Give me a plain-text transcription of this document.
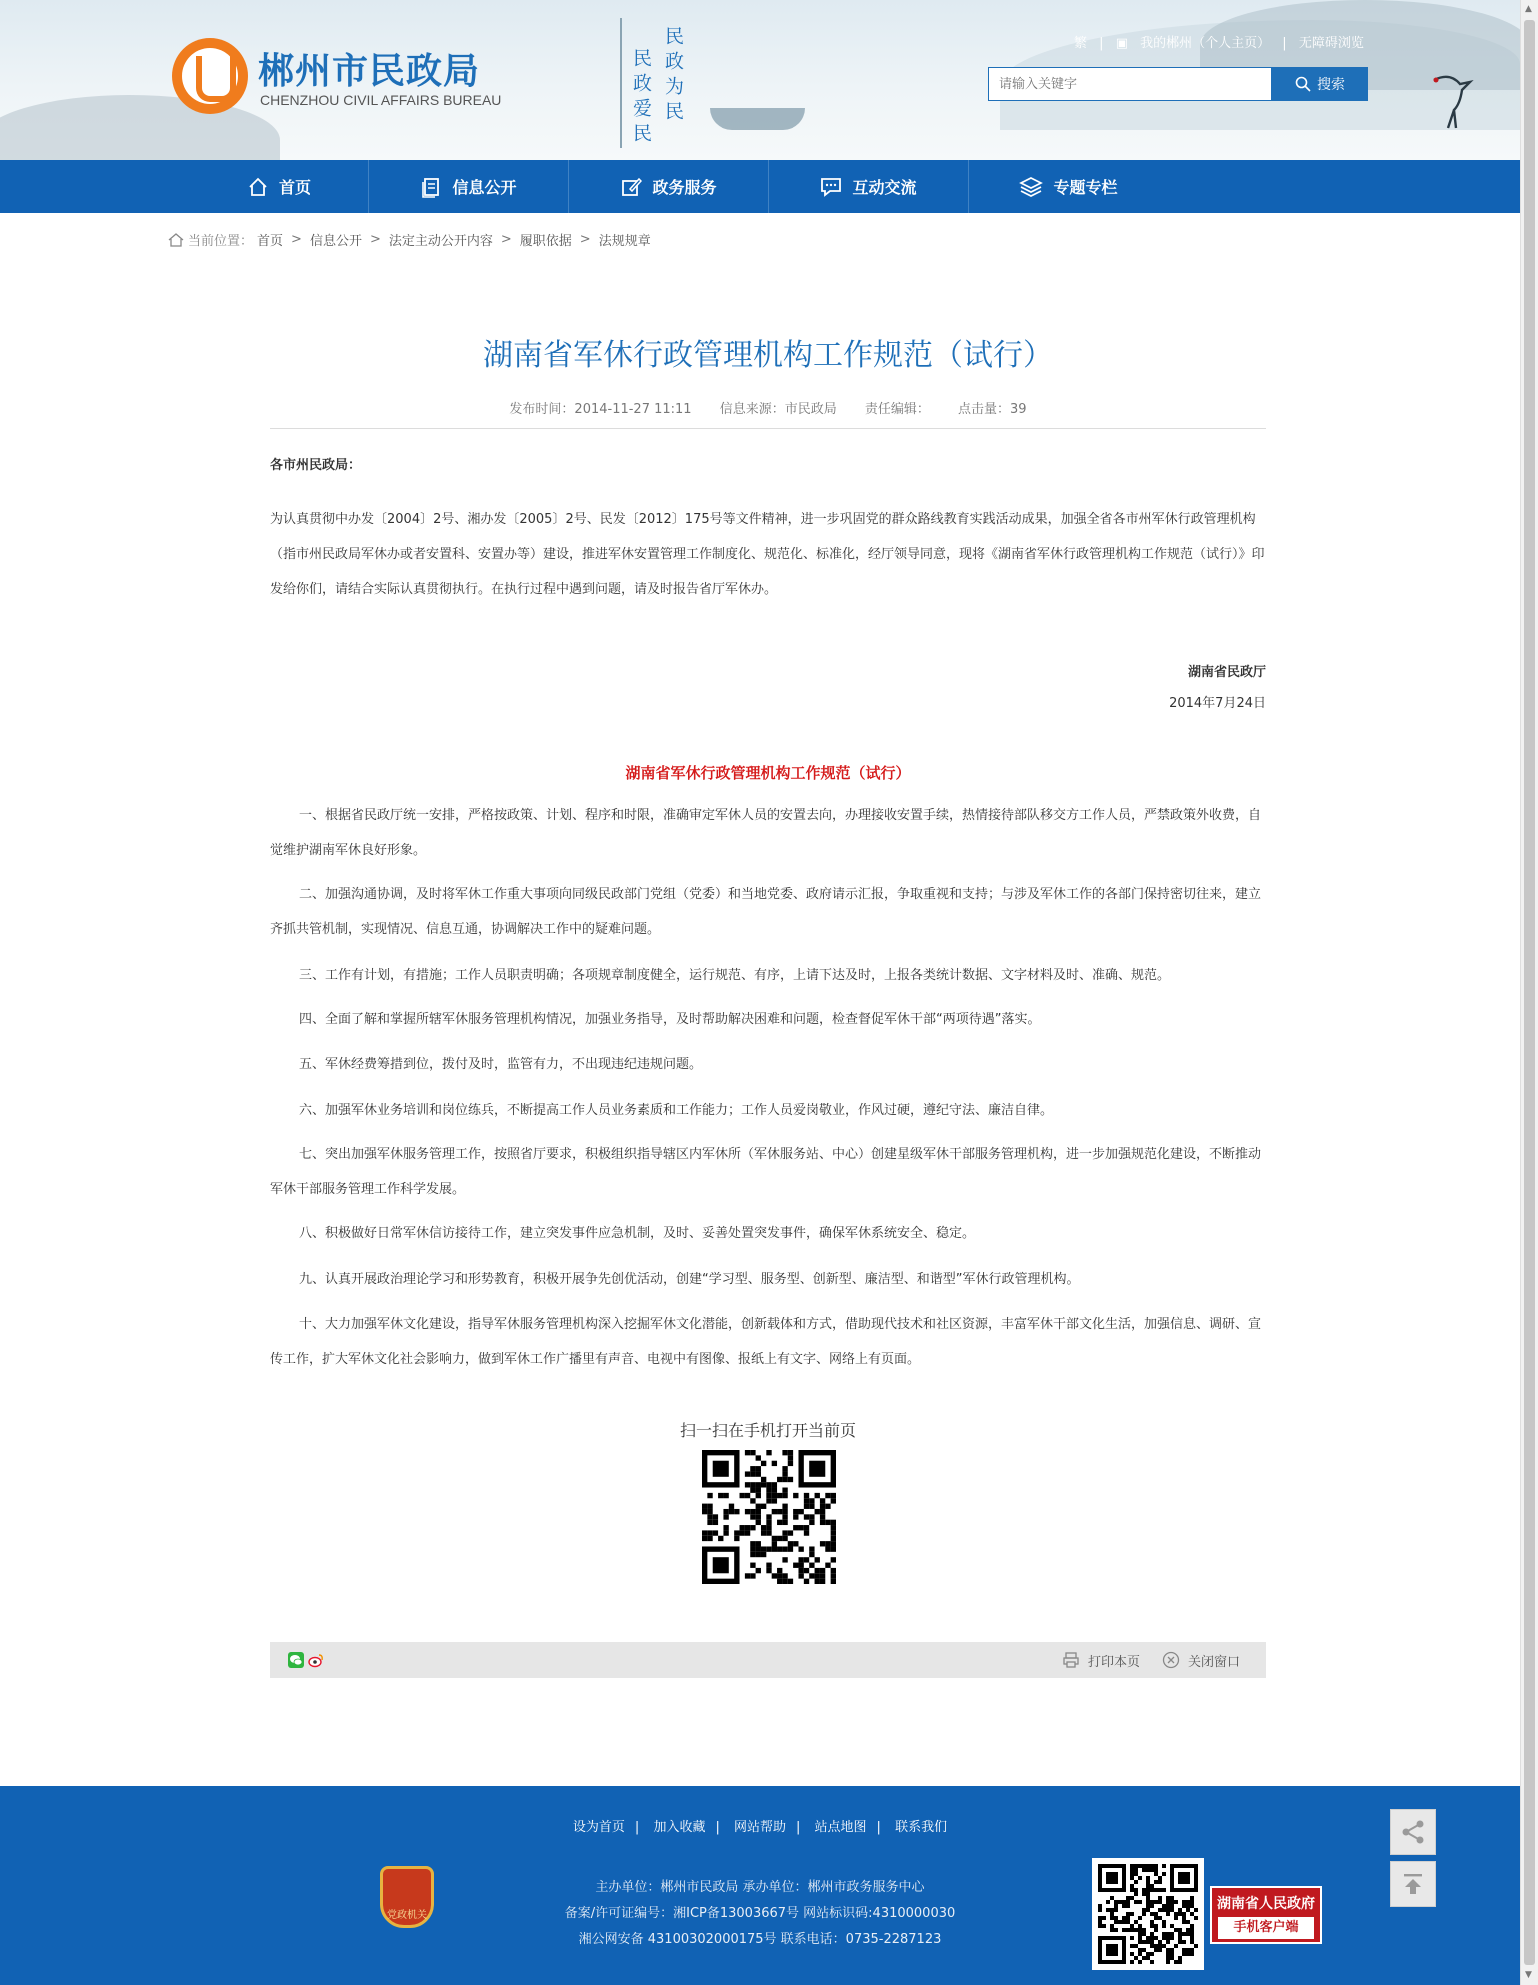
郴州市民政局
CHENZHOU CIVIL AFFAIRS BUREAU	民政爱民 民政为民	繁 | ▣ 我的郴州（个人主页） | 无障碍浏览
请输入关键字
搜索
首页	信息公开	政务服务	互动交流	专题专栏
当前位置： 首页 > 信息公开 > 法定主动公开内容 > 履职依据 > 法规规章
湖南省军休行政管理机构工作规范（试行）
发布时间：2014-11-27 11:11 信息来源：市民政局 责任编辑： 点击量：39
各市州民政局：
为认真贯彻中办发〔2004〕2号、湘办发〔2005〕2号、民发〔2012〕175号等文件精神，进一步巩固党的群众路线教育实践活动成果，加强全省各市州军休行政管理机构（指市州民政局军休办或者安置科、安置办等）建设，推进军休安置管理工作制度化、规范化、标准化，经厅领导同意，现将《湖南省军休行政管理机构工作规范（试行）》印发给你们，请结合实际认真贯彻执行。在执行过程中遇到问题，请及时报告省厅军休办。
湖南省民政厅
2014年7月24日
湖南省军休行政管理机构工作规范（试行）
一、根据省民政厅统一安排，严格按政策、计划、程序和时限，准确审定军休人员的安置去向，办理接收安置手续，热情接待部队移交方工作人员，严禁政策外收费，自觉维护湖南军休良好形象。
二、加强沟通协调，及时将军休工作重大事项向同级民政部门党组（党委）和当地党委、政府请示汇报，争取重视和支持；与涉及军休工作的各部门保持密切往来，建立齐抓共管机制，实现情况、信息互通，协调解决工作中的疑难问题。
三、工作有计划，有措施；工作人员职责明确；各项规章制度健全，运行规范、有序，上请下达及时，上报各类统计数据、文字材料及时、准确、规范。
四、全面了解和掌握所辖军休服务管理机构情况，加强业务指导，及时帮助解决困难和问题，检查督促军休干部“两项待遇”落实。
五、军休经费筹措到位，拨付及时，监管有力，不出现违纪违规问题。
六、加强军休业务培训和岗位练兵，不断提高工作人员业务素质和工作能力；工作人员爱岗敬业，作风过硬，遵纪守法、廉洁自律。
七、突出加强军休服务管理工作，按照省厅要求，积极组织指导辖区内军休所（军休服务站、中心）创建星级军休干部服务管理机构，进一步加强规范化建设，不断推动军休干部服务管理工作科学发展。
八、积极做好日常军休信访接待工作，建立突发事件应急机制，及时、妥善处置突发事件，确保军休系统安全、稳定。
九、认真开展政治理论学习和形势教育，积极开展争先创优活动，创建“学习型、服务型、创新型、廉洁型、和谐型”军休行政管理机构。
十、大力加强军休文化建设，指导军休服务管理机构深入挖掘军休文化潜能，创新载体和方式，借助现代技术和社区资源，丰富军休干部文化生活，加强信息、调研、宣传工作，扩大军休文化社会影响力，做到军休工作广播里有声音、电视中有图像、报纸上有文字、网络上有页面。
扫一扫在手机打开当前页
打印本页	关闭窗口
设为首页 | 加入收藏 | 网站帮助 | 站点地图 | 联系我们
党政机关
主办单位：郴州市民政局 承办单位：郴州市政务服务中心
备案/许可证编号：湘ICP备13003667号 网站标识码:4310000030
湘公网安备 43100302000175号 联系电话：0735-2287123
湖南省人民政府
手机客户端
▲
▼
